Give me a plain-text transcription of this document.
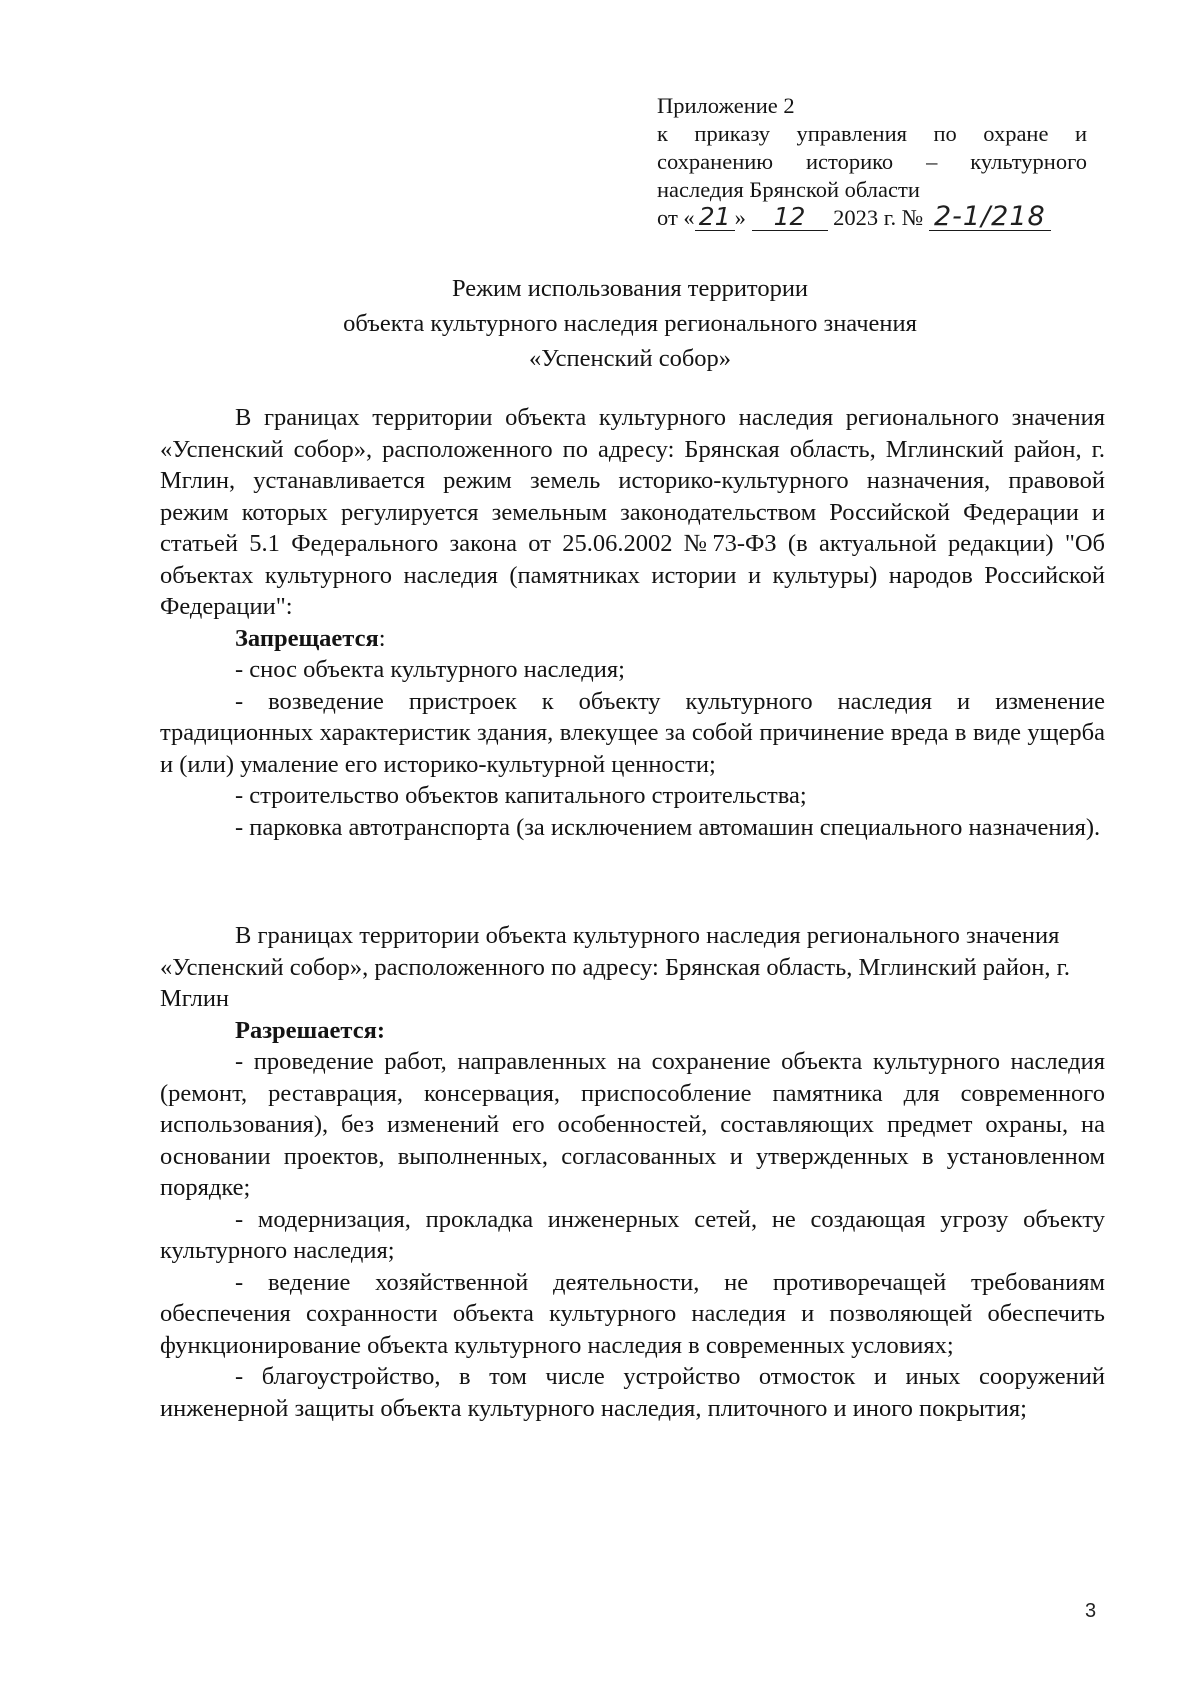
Приложение 2
к приказу управления по охране и
сохранению историко – культурного
наследия Брянской области
от « 21 » 12 2023 г. № 2-1/218
Режим использования территории
объекта культурного наследия регионального значения
«Успенский собор»

В границах территории объекта культурного наследия регионального значения «Успенский собор», расположенного по адресу: Брянская область, Мглинский район, г. Мглин, устанавливается режим земель историко-культурного назначения, правовой режим которых регулируется земельным законодательством Российской Федерации и статьей 5.1 Федерального закона от 25.06.2002 №73-ФЗ (в актуальной редакции) "Об объектах культурного наследия (памятниках истории и культуры) народов Российской Федерации":

Запрещается:

- снос объекта культурного наследия;

- возведение пристроек к объекту культурного наследия и изменение традиционных характеристик здания, влекущее за собой причинение вреда в виде ущерба и (или) умаление его историко-культурной ценности;

- строительство объектов капитального строительства;

- парковка автотранспорта (за исключением автомашин специального назначения).

В границах территории объекта культурного наследия регионального значения «Успенский собор», расположенного по адресу: Брянская область, Мглинский район, г. Мглин

Разрешается:

- проведение работ, направленных на сохранение объекта культурного наследия (ремонт, реставрация, консервация, приспособление памятника для современного использования), без изменений его особенностей, составляющих предмет охраны, на основании проектов, выполненных, согласованных и утвержденных в установленном порядке;

- модернизация, прокладка инженерных сетей, не создающая угрозу объекту культурного наследия;

- ведение хозяйственной деятельности, не противоречащей требованиям обеспечения сохранности объекта культурного наследия и позволяющей обеспечить функционирование объекта культурного наследия в современных условиях;

- благоустройство, в том числе устройство отмосток и иных сооружений инженерной защиты объекта культурного наследия, плиточного и иного покрытия;

3
